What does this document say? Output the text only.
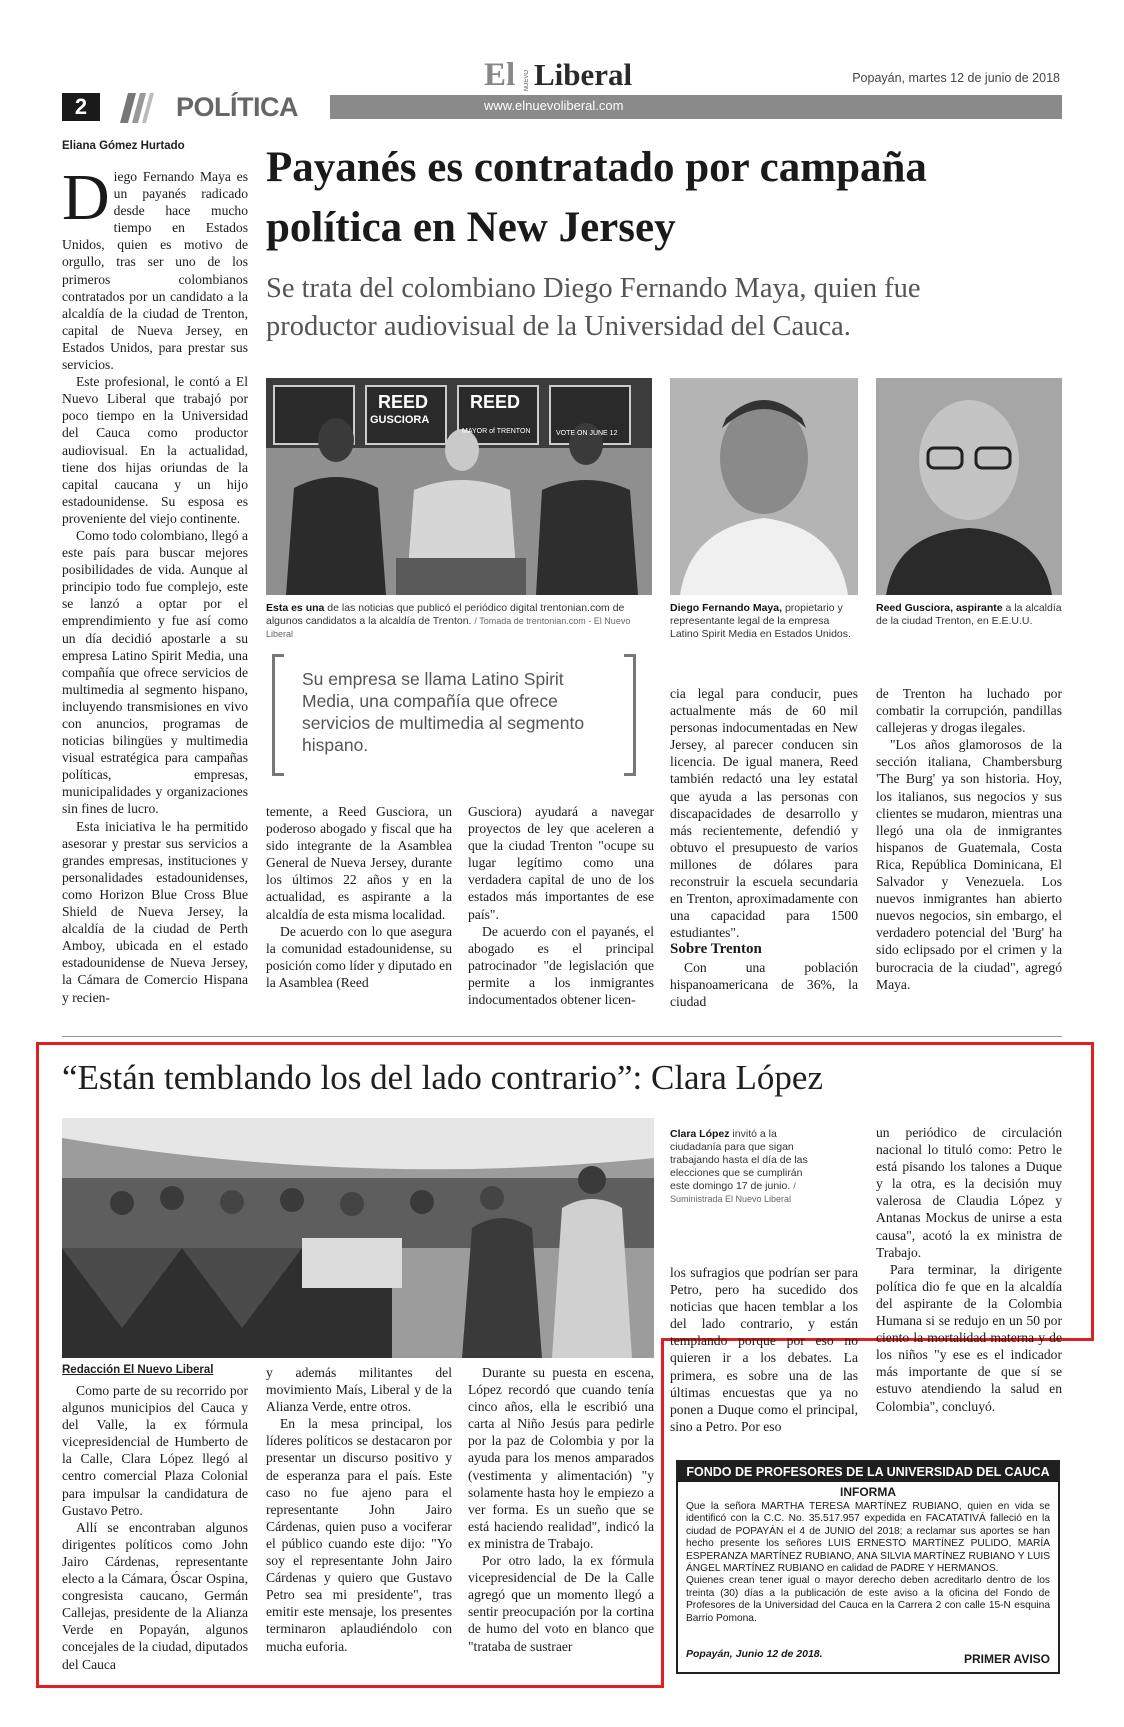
2	POLÍTICA
El NUEVO Liberal	Popayán, martes 12 de junio de 2018
www.elnuevoliberal.com
Eliana Gómez Hurtado Payanés es contratado por campaña
política en New Jersey
Se trata del colombiano Diego Fernando Maya, quien fue
productor audiovisual de la Universidad del Cauca.

Diego Fernando Maya es un payanés radicado desde hace mucho tiempo en Estados Unidos, quien es motivo de orgullo, tras ser uno de los primeros colombianos contratados por un candidato a la alcaldía de la ciudad de Trenton, capital de Nueva Jersey, en Estados Unidos, para prestar sus servicios.

Este profesional, le contó a El Nuevo Liberal que trabajó por poco tiempo en la Universidad del Cauca como productor audiovisual. En la actualidad, tiene dos hijas oriundas de la capital caucana y un hijo estadounidense. Su esposa es proveniente del viejo continente.

Como todo colombiano, llegó a este país para buscar mejores posibilidades de vida. Aunque al principio todo fue complejo, este se lanzó a optar por el emprendimiento y fue así como un día decidió apostarle a su empresa Latino Spirit Media, una compañía que ofrece servicios de multimedia al segmento hispano, incluyendo transmisiones en vivo con anuncios, programas de noticias bilingües y multimedia visual estratégica para campañas políticas, empresas, municipalidades y organizaciones sin fines de lucro.

Esta iniciativa le ha permitido asesorar y prestar sus servicios a grandes empresas, instituciones y personalidades estadounidenses, como Horizon Blue Cross Blue Shield de Nueva Jersey, la alcaldía de la ciudad de Perth Amboy, ubicada en el estado estadounidense de Nueva Jersey, la Cámara de Comercio Hispana y recien-

REED
GUSCIORA
REED
MAYOR of TRENTON	VOTE ON JUNE 12
Esta es una de las noticias que publicó el periódico digital trentonian.com de algunos candidatos a la alcaldía de Trenton. / Tomada de trentonian.com - El Nuevo Liberal
Diego Fernando Maya, propietario y representante legal de la empresa Latino Spirit Media en Estados Unidos.
Reed Gusciora, aspirante a la alcaldía de la ciudad Trenton, en E.E.U.U.
Su empresa se llama Latino Spirit Media, una compañía que ofrece servicios de multimedia al segmento hispano.

temente, a Reed Gusciora, un poderoso abogado y fiscal que ha sido integrante de la Asamblea General de Nueva Jersey, durante los últimos 22 años y en la actualidad, es aspirante a la alcaldía de esta misma localidad.

De acuerdo con lo que asegura la comunidad estadounidense, su posición como líder y diputado en la Asamblea (Reed

Gusciora) ayudará a navegar proyectos de ley que aceleren a que la ciudad Trenton "ocupe su lugar legítimo como una verdadera capital de uno de los estados más importantes de ese país".

De acuerdo con el payanés, el abogado es el principal patrocinador "de legislación que permite a los inmigrantes indocumentados obtener licen-

cia legal para conducir, pues actualmente más de 60 mil personas indocumentadas en New Jersey, al parecer conducen sin licencia. De igual manera, Reed también redactó una ley estatal que ayuda a las personas con discapacidades de desarrollo y más recientemente, defendió y obtuvo el presupuesto de varios millones de dólares para reconstruir la escuela secundaria en Trenton, aproximadamente con una capacidad para 1500 estudiantes".

Sobre Trenton

Con una población hispanoamericana de 36%, la ciudad

de Trenton ha luchado por combatir la corrupción, pandillas callejeras y drogas ilegales.

"Los años glamorosos de la sección italiana, Chambersburg 'The Burg' ya son historia. Hoy, los italianos, sus negocios y sus clientes se mudaron, mientras una llegó una ola de inmigrantes hispanos de Guatemala, Costa Rica, República Dominicana, El Salvador y Venezuela. Los nuevos inmigrantes han abierto nuevos negocios, sin embargo, el verdadero potencial del 'Burg' ha sido eclipsado por el crimen y la burocracia de la ciudad", agregó Maya.

“Están temblando los del lado contrario”: Clara López
Clara López invitó a la ciudadanía para que sigan trabajando hasta el día de las elecciones que se cumplirán este domingo 17 de junio. / Suministrada El Nuevo Liberal
Redacción El Nuevo Liberal

Como parte de su recorrido por algunos municipios del Cauca y del Valle, la ex fórmula vicepresidencial de Humberto de la Calle, Clara López llegó al centro comercial Plaza Colonial para impulsar la candidatura de Gustavo Petro.

Allí se encontraban algunos dirigentes políticos como John Jairo Cárdenas, representante electo a la Cámara, Óscar Ospina, congresista caucano, Germán Callejas, presidente de la Alianza Verde en Popayán, algunos concejales de la ciudad, diputados del Cauca

y además militantes del movimiento Maís, Liberal y de la Alianza Verde, entre otros.

En la mesa principal, los líderes políticos se destacaron por presentar un discurso positivo y de esperanza para el país. Este caso no fue ajeno para el representante John Jairo Cárdenas, quien puso a vociferar el público cuando este dijo: "Yo soy el representante John Jairo Cárdenas y quiero que Gustavo Petro sea mi presidente", tras emitir este mensaje, los presentes terminaron aplaudiéndolo con mucha euforia.

Durante su puesta en escena, López recordó que cuando tenía cinco años, ella le escribió una carta al Niño Jesús para pedirle por la paz de Colombia y por la ayuda para los menos amparados (vestimenta y alimentación) "y solamente hasta hoy le empiezo a ver forma. Es un sueño que se está haciendo realidad", indicó la ex ministra de Trabajo.

Por otro lado, la ex fórmula vicepresidencial de De la Calle agregó que un momento llegó a sentir preocupación por la cortina de humo del voto en blanco que "trataba de sustraer

los sufragios que podrían ser para Petro, pero ha sucedido dos noticias que hacen temblar a los del lado contrario, y están templando porque por eso no quieren ir a los debates. La primera, es sobre una de las últimas encuestas que ya no ponen a Duque como el principal, sino a Petro. Por eso

un periódico de circulación nacional lo tituló como: Petro le está pisando los talones a Duque y la otra, es la decisión muy valerosa de Claudia López y Antanas Mockus de unirse a esta causa", acotó la ex ministra de Trabajo.

Para terminar, la dirigente política dio fe que en la alcaldía del aspirante de la Colombia Humana si se redujo en un 50 por ciento la mortalidad materna y de los niños "y ese es el indicador más importante de que sí se estuvo atendiendo la salud en Colombia", concluyó.

FONDO DE PROFESORES DE LA UNIVERSIDAD DEL CAUCA
INFORMA
Que la señora MARTHA TERESA MARTÍNEZ RUBIANO, quien en vida se identificó con la C.C. No. 35.517.957 expedida en FACATATIVÁ falleció en la ciudad de POPAYÁN el 4 de JUNIO del 2018; a reclamar sus aportes se han hecho presente los señores LUIS ERNESTO MARTÍNEZ PULIDO, MARÍA ESPERANZA MARTÍNEZ RUBIANO, ANA SILVIA MARTÍNEZ RUBIANO Y LUIS ÁNGEL MARTÍNEZ RUBIANO en calidad de PADRE Y HERMANOS.
Quienes crean tener igual o mayor derecho deben acreditarlo dentro de los treinta (30) días a la publicación de este aviso a la oficina del Fondo de Profesores de la Universidad del Cauca en la Carrera 2 con calle 15-N esquina Barrio Pomona.
Popayán, Junio 12 de 2018.	PRIMER AVISO
